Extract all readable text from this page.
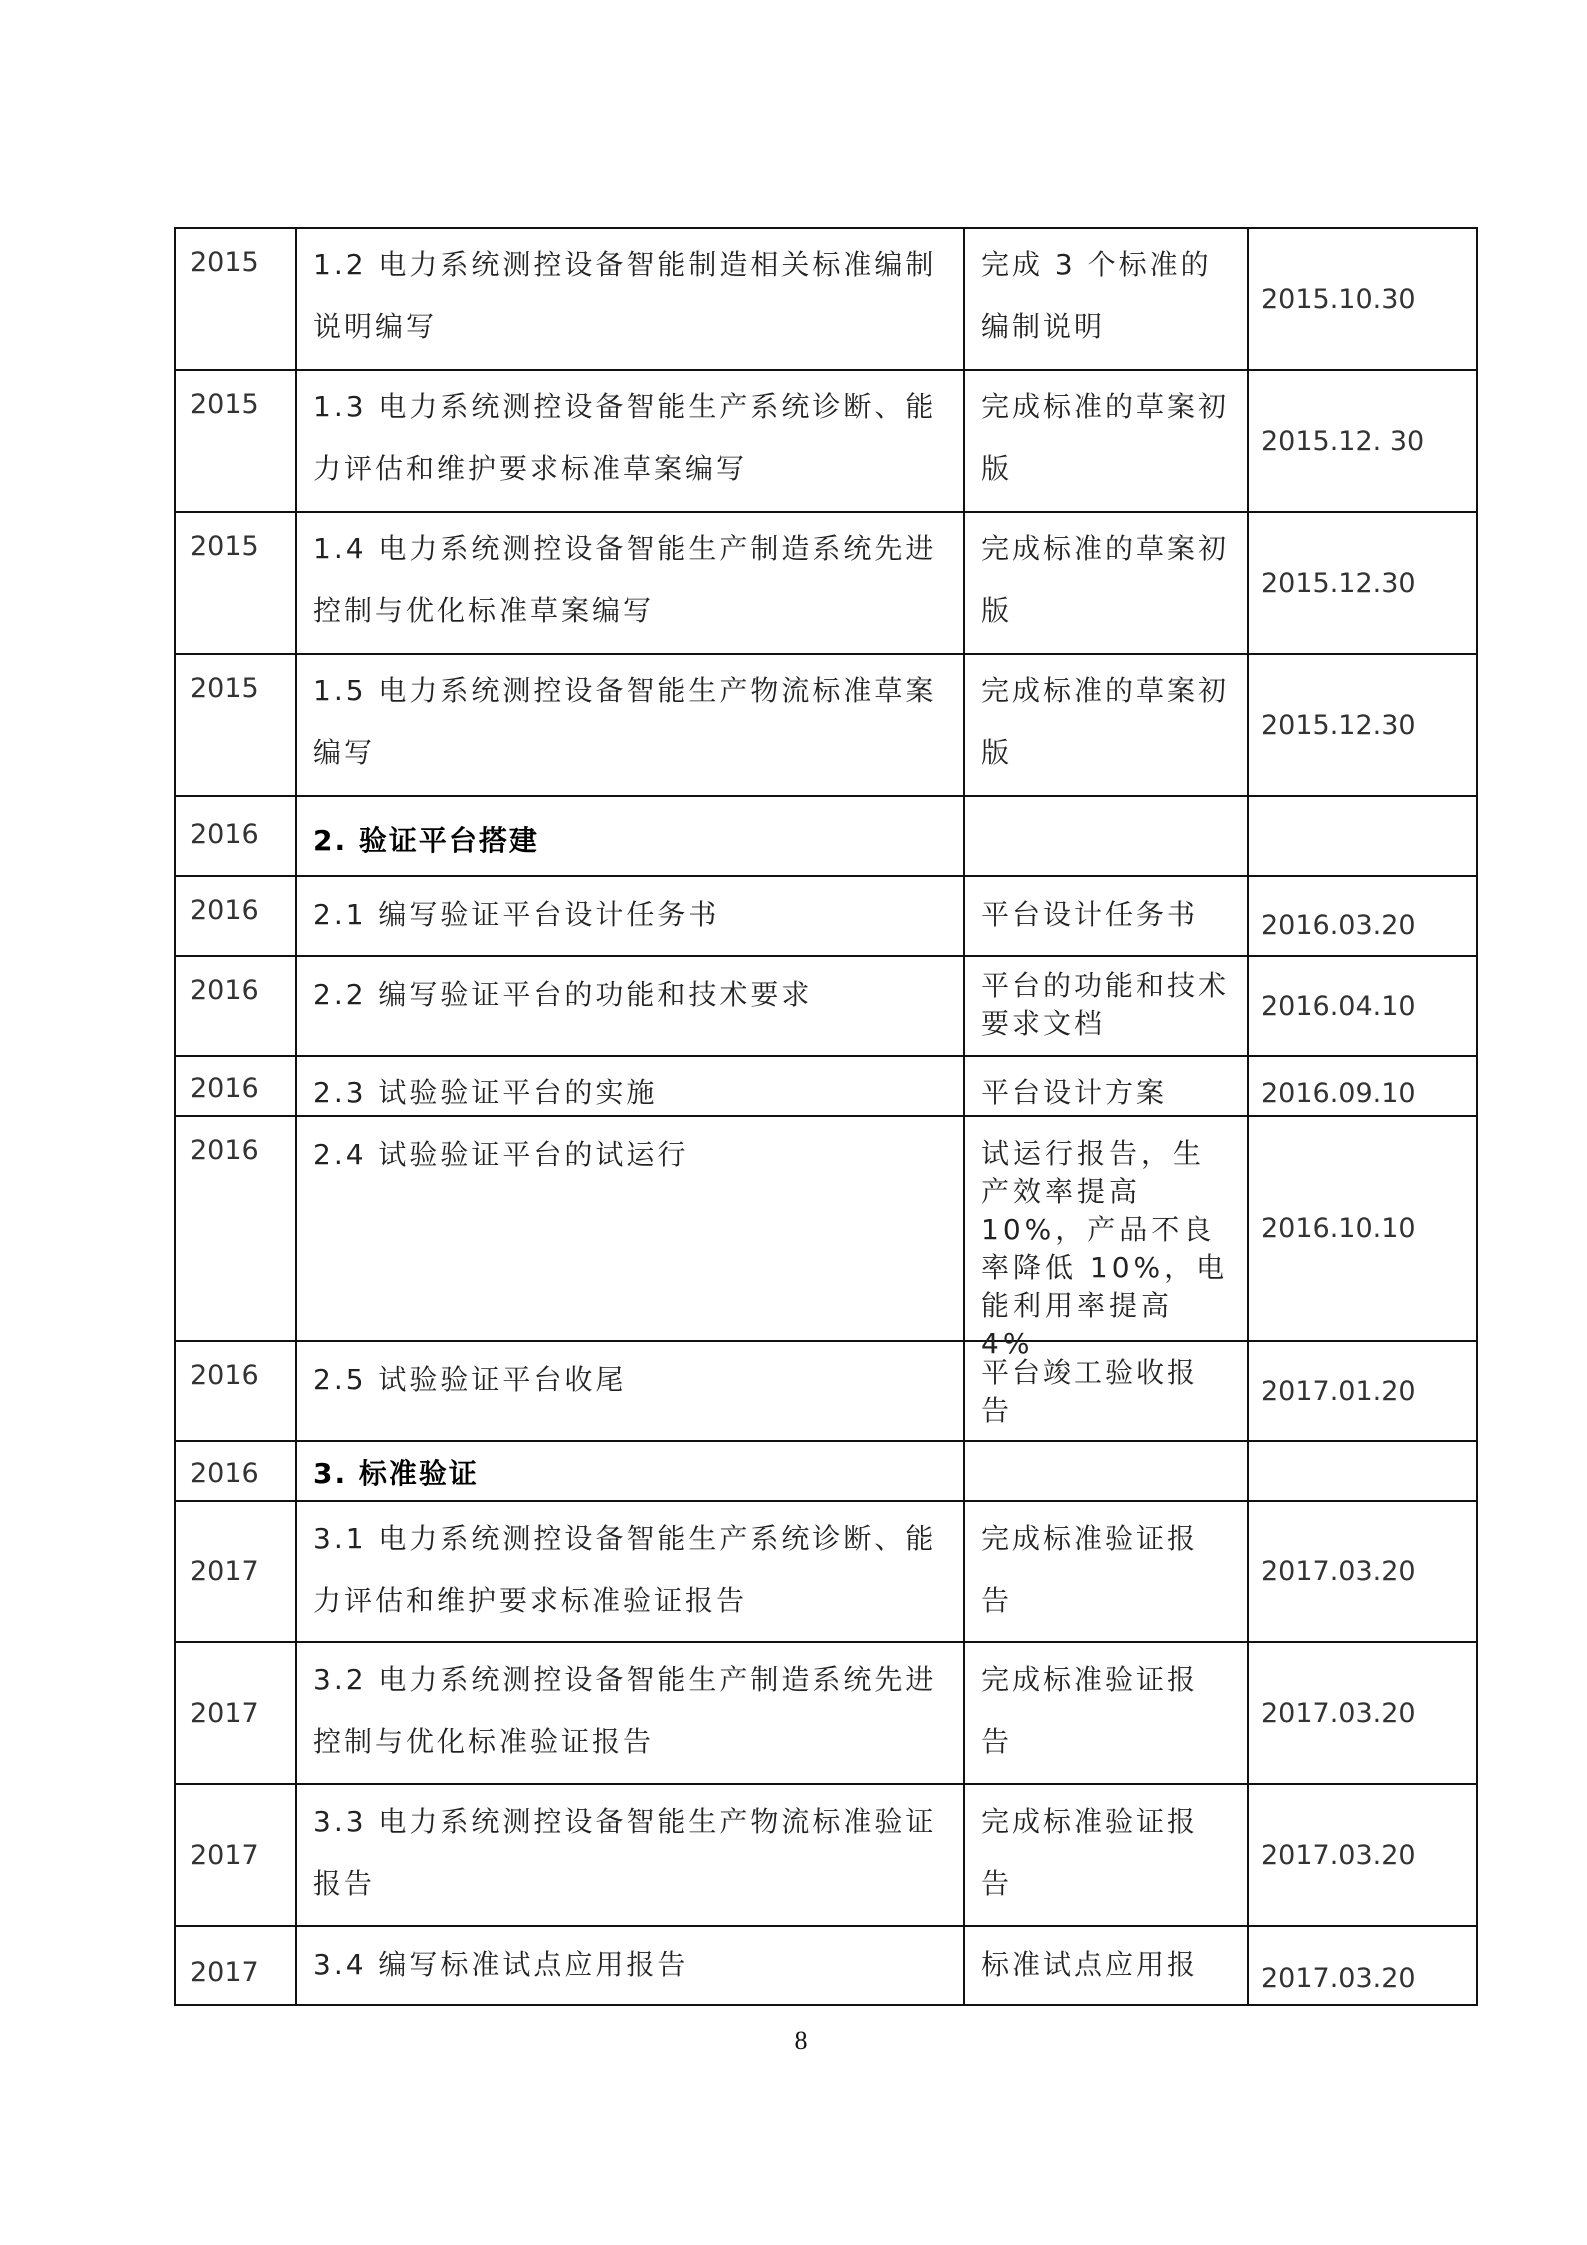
2015	1.2 电力系统测控设备智能制造相关标准编制说明编写	完成 3 个标准的编制说明	2015.10.30

2015	1.3 电力系统测控设备智能生产系统诊断、能力评估和维护要求标准草案编写	完成标准的草案初版	2015.12. 30

2015	1.4 电力系统测控设备智能生产制造系统先进控制与优化标准草案编写	完成标准的草案初版	2015.12.30

2015	1.5 电力系统测控设备智能生产物流标准草案编写	完成标准的草案初版	2015.12.30

2016	2. 验证平台搭建		

2016	2.1 编写验证平台设计任务书	平台设计任务书	2016.03.20

2016	2.2 编写验证平台的功能和技术要求	平台的功能和技术要求文档	2016.04.10

2016	2.3 试验验证平台的实施	平台设计方案	2016.09.10

2016	2.4 试验验证平台的试运行	试运行报告，生产效率提高 10%，产品不良率降低 10%，电能利用率提高 4%	2016.10.10

2016	2.5 试验验证平台收尾	平台竣工验收报告	2017.01.20

2016	3. 标准验证		

2017	3.1 电力系统测控设备智能生产系统诊断、能力评估和维护要求标准验证报告	完成标准验证报告	2017.03.20

2017	3.2 电力系统测控设备智能生产制造系统先进控制与优化标准验证报告	完成标准验证报告	2017.03.20

2017	3.3 电力系统测控设备智能生产物流标准验证报告	完成标准验证报告	2017.03.20

2017	3.4 编写标准试点应用报告	标准试点应用报	2017.03.20
8
